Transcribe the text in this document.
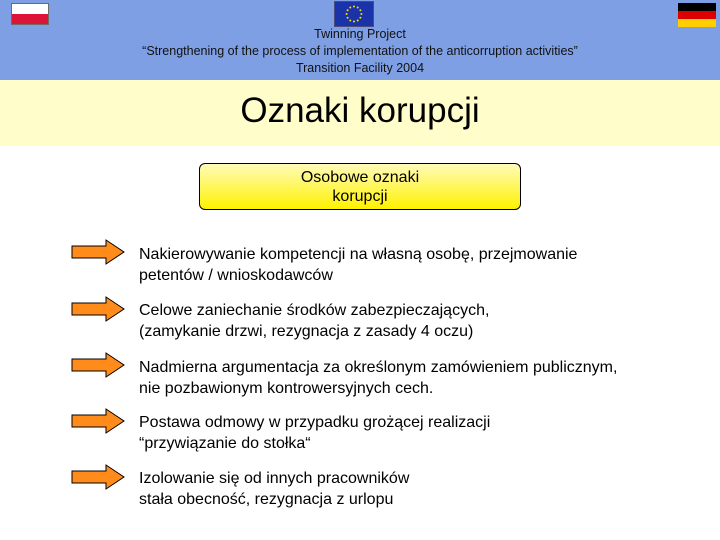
Twinning Project
“Strengthening of the process of implementation of the anticorruption activities”
Transition Facility 2004
Oznaki korupcji
Osobowe oznaki
korupcji
Nakierowywanie kompetencji na własną osobę, przejmowanie
petentów / wnioskodawców
Celowe zaniechanie środków zabezpieczających,
(zamykanie drzwi, rezygnacja z zasady 4 oczu)
Nadmierna argumentacja za określonym zamówieniem publicznym,
nie pozbawionym kontrowersyjnych cech.
Postawa odmowy w przypadku grożącej realizacji
“przywiązanie do stołka“
Izolowanie się od innych pracowników
stała obecność, rezygnacja z urlopu
